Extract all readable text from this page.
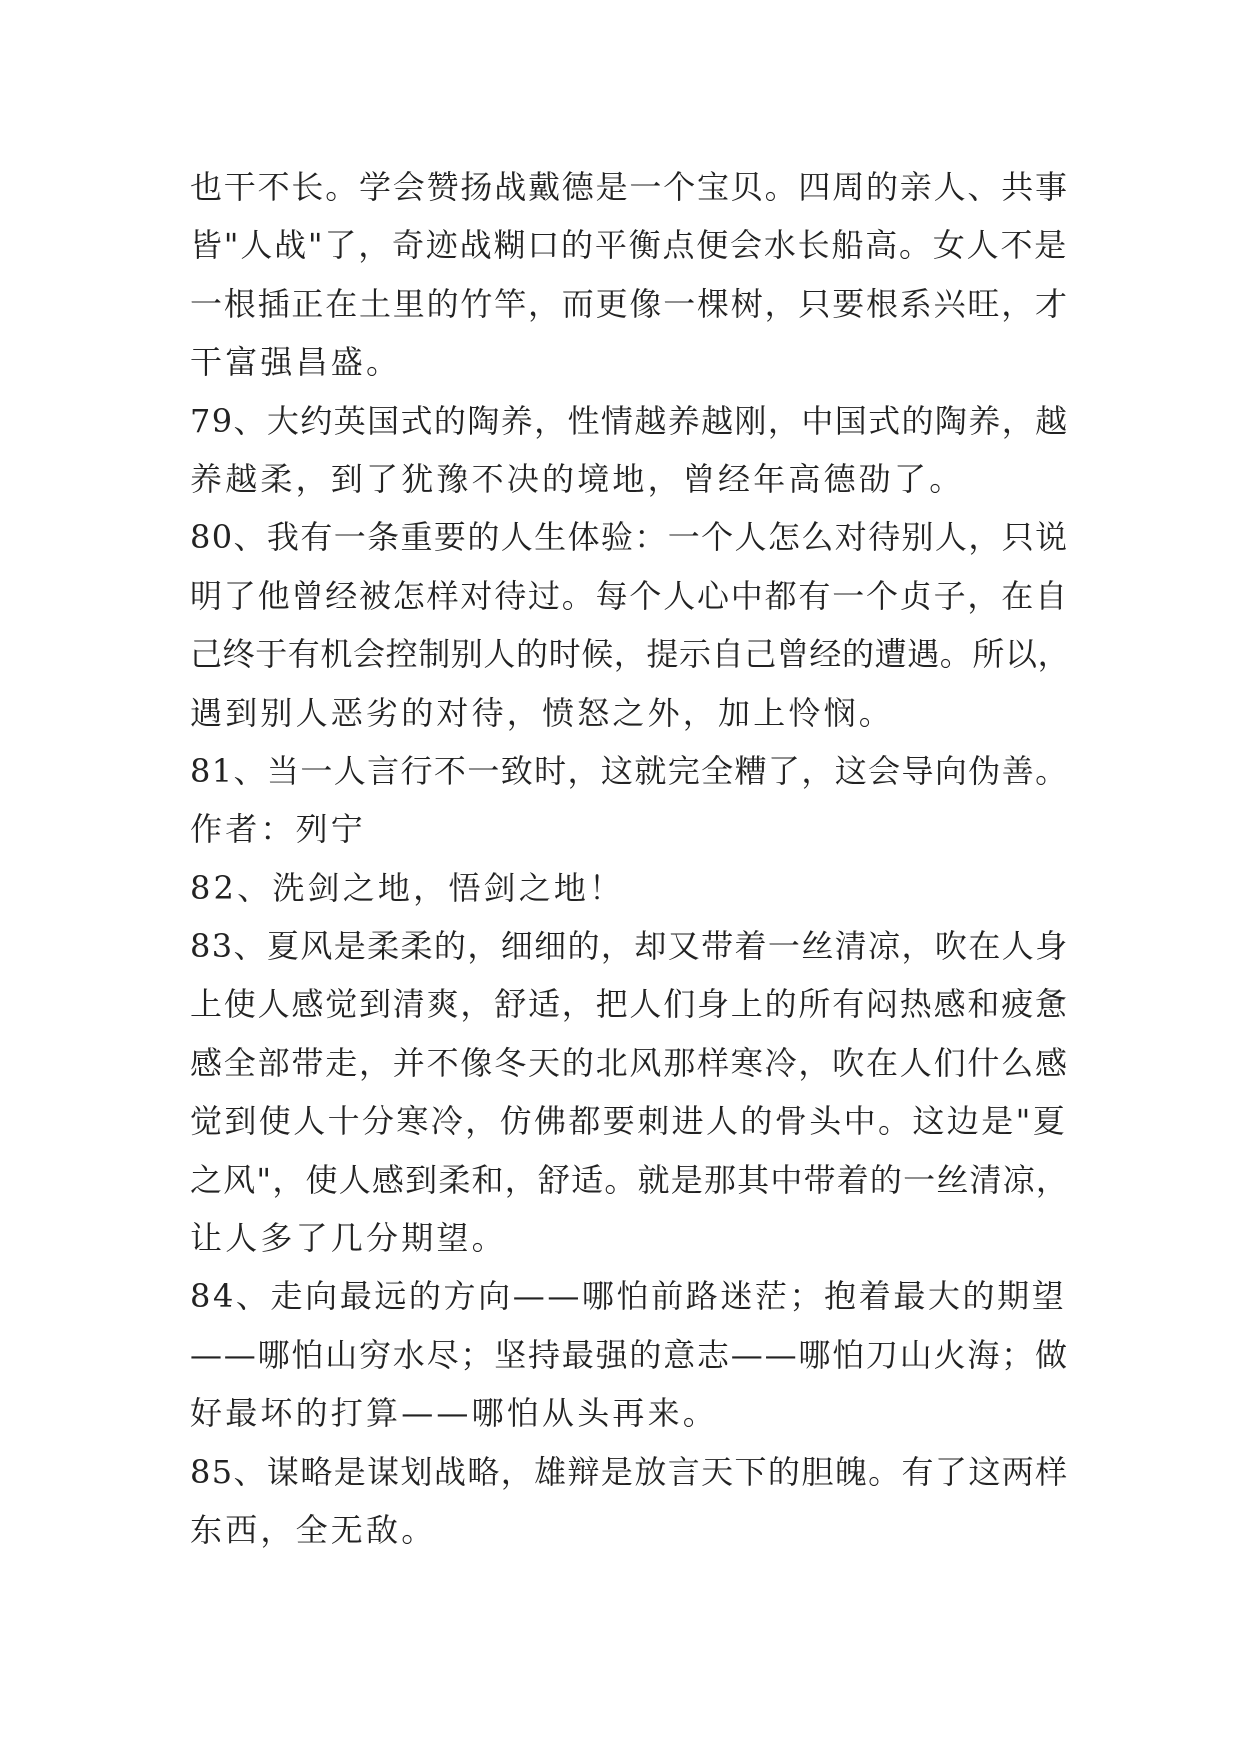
也干不长。学会赞扬战戴德是一个宝贝。四周的亲人、共事
皆"人战"了，奇迹战糊口的平衡点便会水长船高。女人不是
一根插正在土里的竹竿，而更像一棵树，只要根系兴旺，才
干富强昌盛。
79、大约英国式的陶养，性情越养越刚，中国式的陶养，越
养越柔，到了犹豫不决的境地，曾经年高德劭了。
80、我有一条重要的人生体验：一个人怎么对待别人，只说
明了他曾经被怎样对待过。每个人心中都有一个贞子，在自
己终于有机会控制别人的时候，提示自己曾经的遭遇。所以，
遇到别人恶劣的对待，愤怒之外，加上怜悯。
81、当一人言行不一致时，这就完全糟了，这会导向伪善。
作者：列宁
82、洗剑之地，悟剑之地！
83、夏风是柔柔的，细细的，却又带着一丝清凉，吹在人身
上使人感觉到清爽，舒适，把人们身上的所有闷热感和疲惫
感全部带走，并不像冬天的北风那样寒冷，吹在人们什么感
觉到使人十分寒冷，仿佛都要刺进人的骨头中。这边是"夏
之风"，使人感到柔和，舒适。就是那其中带着的一丝清凉，
让人多了几分期望。
84、走向最远的方向——哪怕前路迷茫；抱着最大的期望
——哪怕山穷水尽；坚持最强的意志——哪怕刀山火海；做
好最坏的打算——哪怕从头再来。
85、谋略是谋划战略，雄辩是放言天下的胆魄。有了这两样
东西，全无敌。
